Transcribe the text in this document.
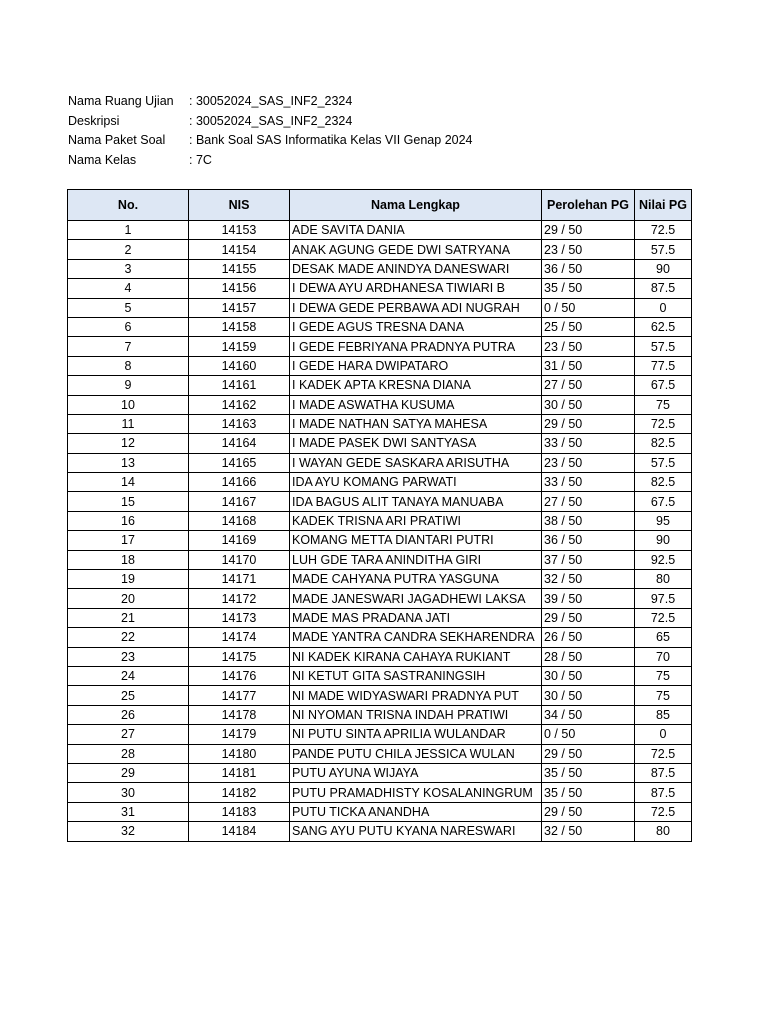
Nama Ruang Ujian	: 30052024_SAS_INF2_2324
Deskripsi	: 30052024_SAS_INF2_2324
Nama Paket Soal	: Bank Soal SAS Informatika Kelas VII Genap 2024
Nama Kelas	: 7C
No.	NIS	Nama Lengkap	Perolehan PG	Nilai PG
1	14153	ADE SAVITA DANIA	29 / 50	72.5
2	14154	ANAK AGUNG GEDE DWI SATRYANA	23 / 50	57.5
3	14155	DESAK MADE ANINDYA DANESWARI	36 / 50	90
4	14156	I DEWA AYU ARDHANESA TIWIARI B	35 / 50	87.5
5	14157	I DEWA GEDE PERBAWA ADI NUGRAH	0 / 50	0
6	14158	I GEDE AGUS TRESNA DANA	25 / 50	62.5
7	14159	I GEDE FEBRIYANA PRADNYA PUTRA	23 / 50	57.5
8	14160	I GEDE HARA DWIPATARO	31 / 50	77.5
9	14161	I KADEK APTA KRESNA DIANA	27 / 50	67.5
10	14162	I MADE ASWATHA KUSUMA	30 / 50	75
11	14163	I MADE NATHAN SATYA MAHESA	29 / 50	72.5
12	14164	I MADE PASEK DWI SANTYASA	33 / 50	82.5
13	14165	I WAYAN GEDE SASKARA ARISUTHA	23 / 50	57.5
14	14166	IDA AYU KOMANG PARWATI	33 / 50	82.5
15	14167	IDA BAGUS ALIT TANAYA MANUABA	27 / 50	67.5
16	14168	KADEK TRISNA ARI PRATIWI	38 / 50	95
17	14169	KOMANG METTA DIANTARI PUTRI	36 / 50	90
18	14170	LUH GDE TARA ANINDITHA GIRI	37 / 50	92.5
19	14171	MADE CAHYANA PUTRA YASGUNA	32 / 50	80
20	14172	MADE JANESWARI JAGADHEWI LAKSA	39 / 50	97.5
21	14173	MADE MAS PRADANA JATI	29 / 50	72.5
22	14174	MADE YANTRA CANDRA SEKHARENDRA	26 / 50	65
23	14175	NI KADEK KIRANA CAHAYA RUKIANT	28 / 50	70
24	14176	NI KETUT GITA SASTRANINGSIH	30 / 50	75
25	14177	NI MADE WIDYASWARI PRADNYA PUT	30 / 50	75
26	14178	NI NYOMAN TRISNA INDAH PRATIWI	34 / 50	85
27	14179	NI PUTU SINTA APRILIA WULANDAR	0 / 50	0
28	14180	PANDE PUTU CHILA JESSICA WULAN	29 / 50	72.5
29	14181	PUTU AYUNA WIJAYA	35 / 50	87.5
30	14182	PUTU PRAMADHISTY KOSALANINGRUM	35 / 50	87.5
31	14183	PUTU TICKA ANANDHA	29 / 50	72.5
32	14184	SANG AYU PUTU KYANA NARESWARI	32 / 50	80
